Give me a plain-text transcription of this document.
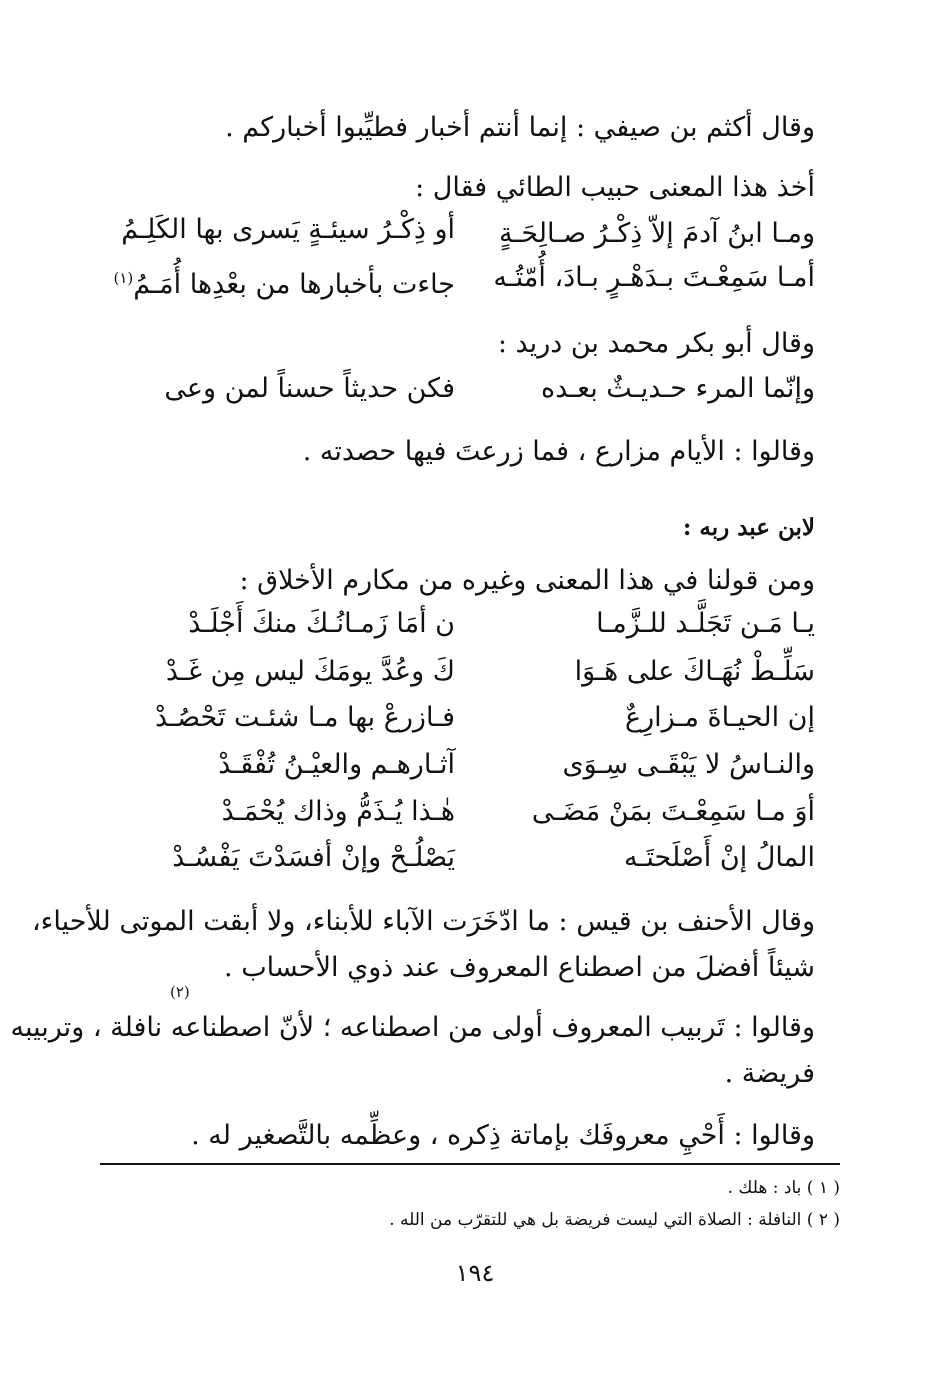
وقال أكثم بن صيفي : إنما أنتم أخبار فطيِّبوا أخباركم .
أخذ هذا المعنى حبيب الطائي فقال :
ومـا ابنُ آدمَ إلاّ ذِكْـرُ صـالِحَـةٍ
أو ذِكْـرُ سيئـةٍ يَسرى بها الكَلِـمُ
أمـا سَمِعْـتَ بـدَهْـرٍ بـادَ، أُمّتُـه
جاءت بأخبارها من بعْدِها أُمَـمُ$^{(١)}$
وقال أبو بكر محمد بن دريد :
وإنّما المرء حـديـثٌ بعـده
فكن حديثاً حسناً لمن وعى
وقالوا : الأيام مزارع ، فما زرعتَ فيها حصدته .
لابن عبد ربه :
ومن قولنا في هذا المعنى وغيره من مكارم الأخلاق :
يـا مَـن تَجَلَّـد للـزَّمـا
ن أمَا زَمـانُـكَ منكَ أَجْلَـدْ
سَلِّـطْ نُهَـاكَ على هَـوَا
كَ وعُدَّ يومَكَ ليس مِن غَـدْ
إن الحيـاةَ مـزارِعٌ
فـازرعْ بها مـا شئـت تَحْصُـدْ
والنـاسُ لا يَبْقَـى سِـوَى
آثـارهـم والعيْـنُ تُفْقَـدْ
أوَ مـا سَمِعْـتَ بمَنْ مَضَـى
هٰـذا يُـذَمُّ وذاك يُحْمَـدْ
المالُ إنْ أَصْلَحتَـه
يَصْلُـحْ وإنْ أفسَدْتَ يَفْسُـدْ
وقال الأحنف بن قيس : ما ادّخَرَت الآباء للأبناء، ولا أبقت الموتى للأحياء،
شيئاً أفضلَ من اصطناع المعروف عند ذوي الأحساب .
(٢)
وقالوا : تَربيب المعروف أولى من اصطناعه ؛ لأنّ اصطناعه نافلة ، وتربيبه
فريضة .
وقالوا : أَحْيِ معروفَك بإماتة ذِكره ، وعظِّمه بالتَّصغير له .
( ١ ) باد : هلك .
( ٢ ) النافلة : الصلاة التي ليست فريضة بل هي للتقرّب من الله .
١٩٤
